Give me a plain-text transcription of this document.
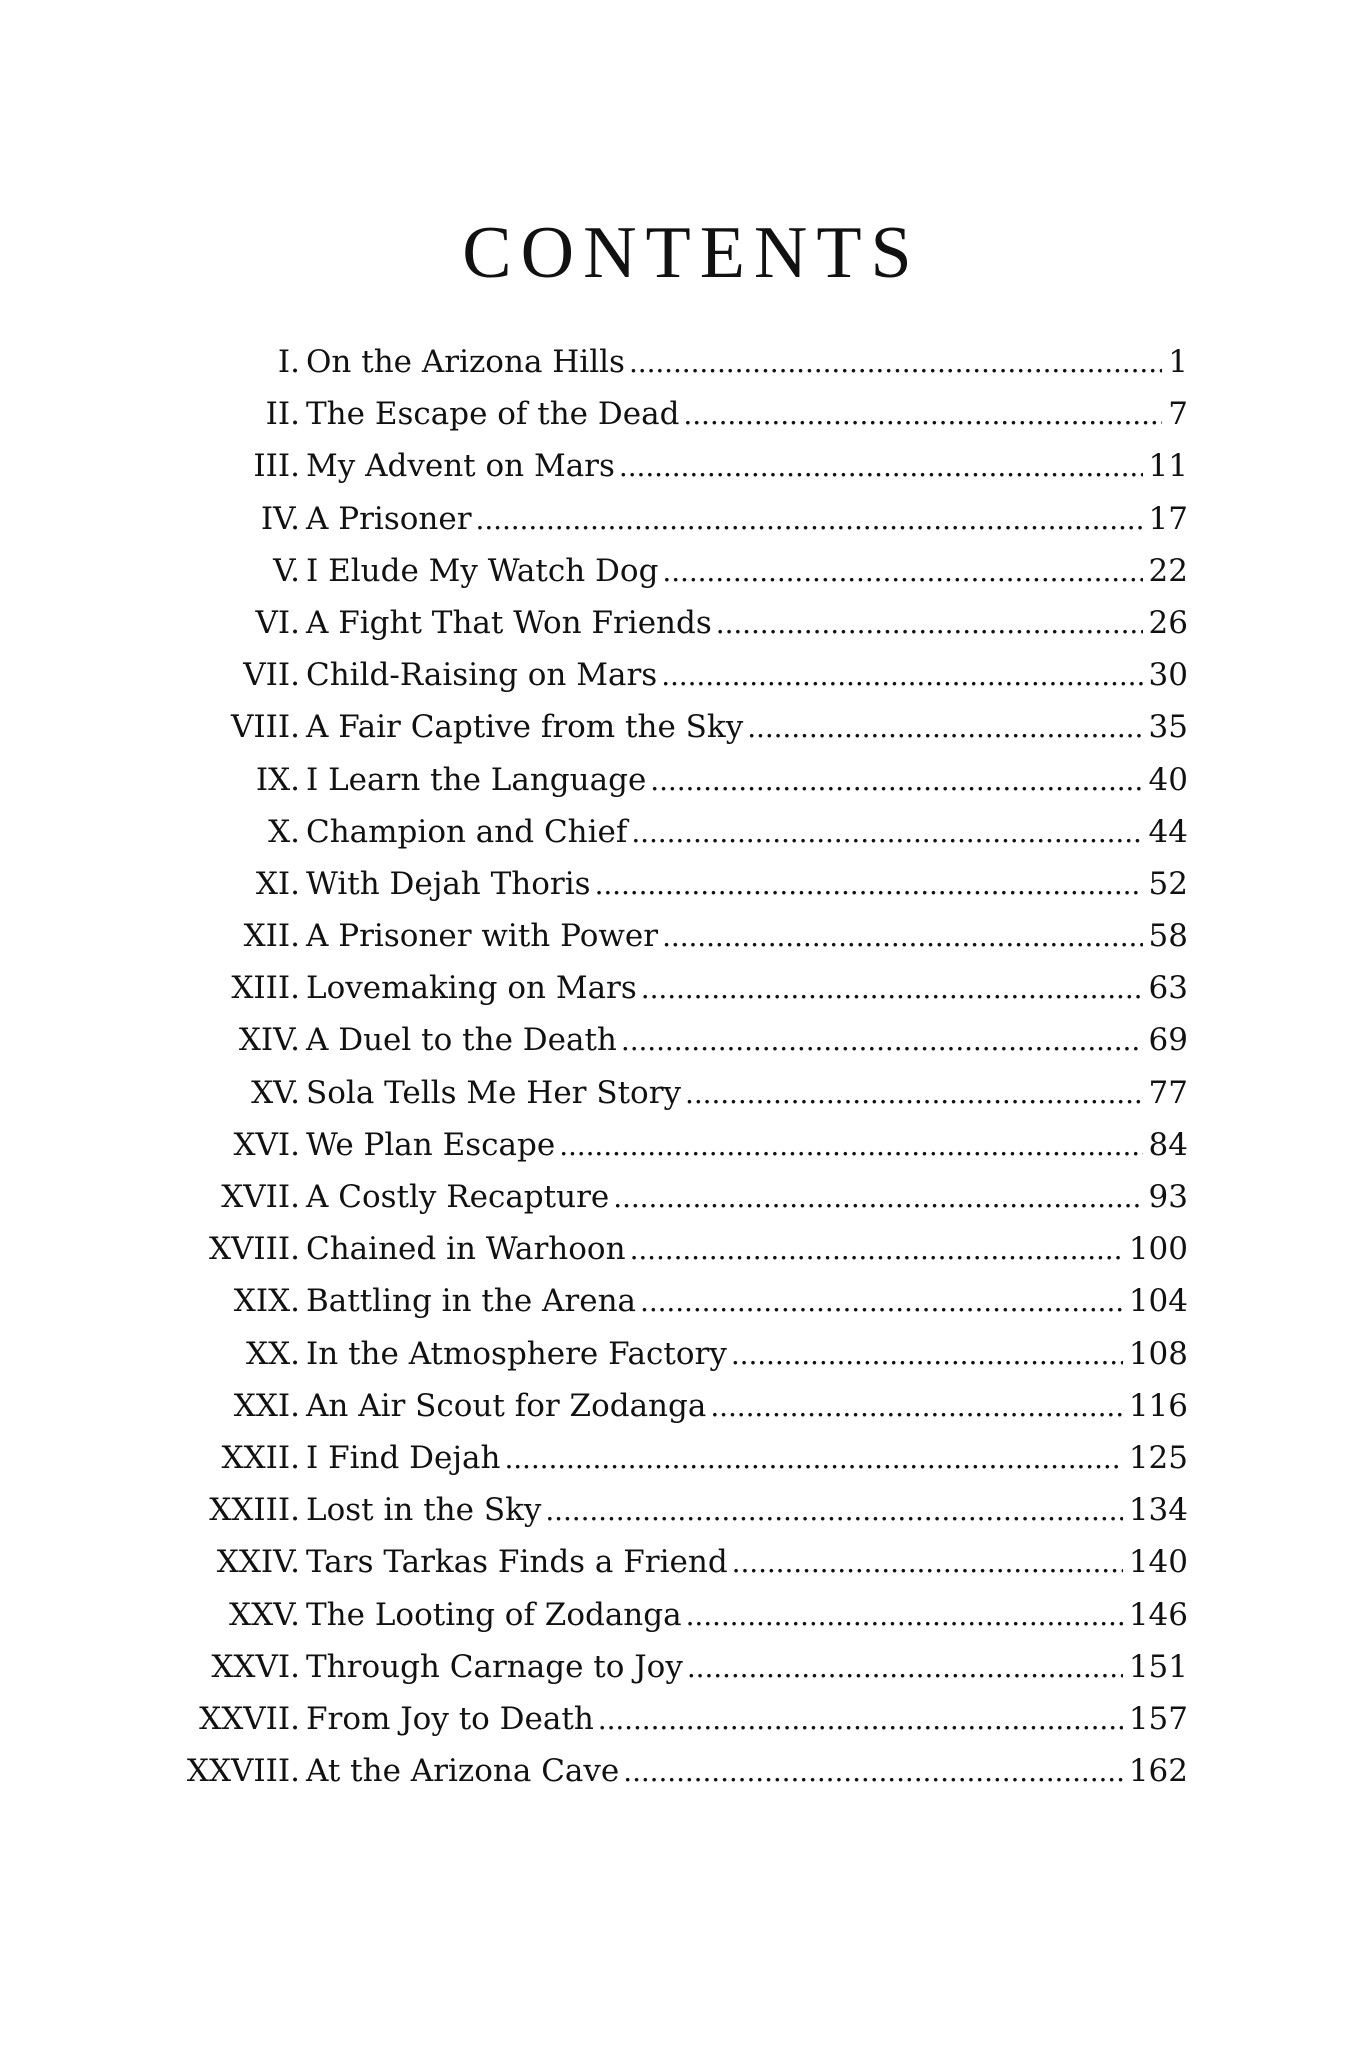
CONTENTS
I. On the Arizona Hills . . .	1
II. The Escape of the Dead . . .	7
III. My Advent on Mars . . .	11
IV. A Prisoner . . .	17
V. I Elude My Watch Dog . . .	22
VI. A Fight That Won Friends . . .	26
VII. Child-Raising on Mars . . .	30
VIII. A Fair Captive from the Sky . . .	35
IX. I Learn the Language . . .	40
X. Champion and Chief . . .	44
XI. With Dejah Thoris . . .	52
XII. A Prisoner with Power . . .	58
XIII. Lovemaking on Mars . . .	63
XIV. A Duel to the Death . . .	69
XV. Sola Tells Me Her Story . . .	77
XVI. We Plan Escape . . .	84
XVII. A Costly Recapture . . .	93
XVIII. Chained in Warhoon . . .	100
XIX. Battling in the Arena . . .	104
XX. In the Atmosphere Factory . . .	108
XXI. An Air Scout for Zodanga . . .	116
XXII. I Find Dejah . . .	125
XXIII. Lost in the Sky . . .	134
XXIV. Tars Tarkas Finds a Friend . . .	140
XXV. The Looting of Zodanga . . .	146
XXVI. Through Carnage to Joy . . .	151
XXVII. From Joy to Death . . .	157
XXVIII. At the Arizona Cave . . .	162
